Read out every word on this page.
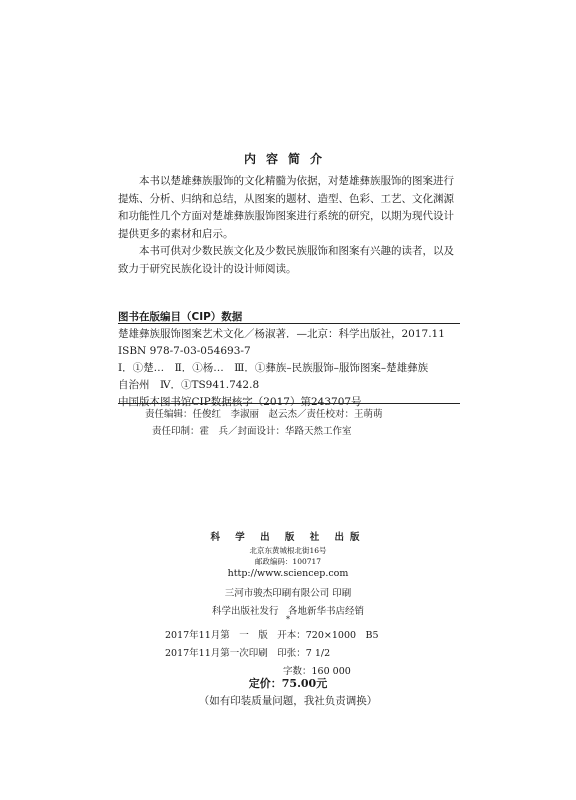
内容简介

本书以楚雄彝族服饰的文化精髓为依据，对楚雄彝族服饰的图案进行提炼、分析、归纳和总结，从图案的题材、造型、色彩、工艺、文化渊源和功能性几个方面对楚雄彝族服饰图案进行系统的研究，以期为现代设计提供更多的素材和启示。

本书可供对少数民族文化及少数民族服饰和图案有兴趣的读者，以及致力于研究民族化设计的设计师阅读。

图书在版编目（CIP）数据
楚雄彝族服饰图案艺术文化／杨淑著．—北京：科学出版社，2017.11
ISBN 978-7-03-054693-7
Ⅰ．①楚…　Ⅱ．①杨…　Ⅲ．①彝族–民族服饰–服饰图案–楚雄彝族
自治州　Ⅳ．①TS941.742.8
中国版本图书馆CIP数据核字（2017）第243707号
责任编辑：任俊红　李淑丽　赵云杰／责任校对：王萌萌
责任印制：霍　兵／封面设计：华路天然工作室
科 学 出 版 社 出版
北京东黄城根北街16号
邮政编码：100717
http://www.sciencep.com
三河市骏杰印刷有限公司 印刷
科学出版社发行　各地新华书店经销
*
2017年11月第　一　版　开本：720×1000　B5
2017年11月第一次印刷　印张：7 1/2
字数：160 000
定价：75.00元
（如有印装质量问题，我社负责调换）
